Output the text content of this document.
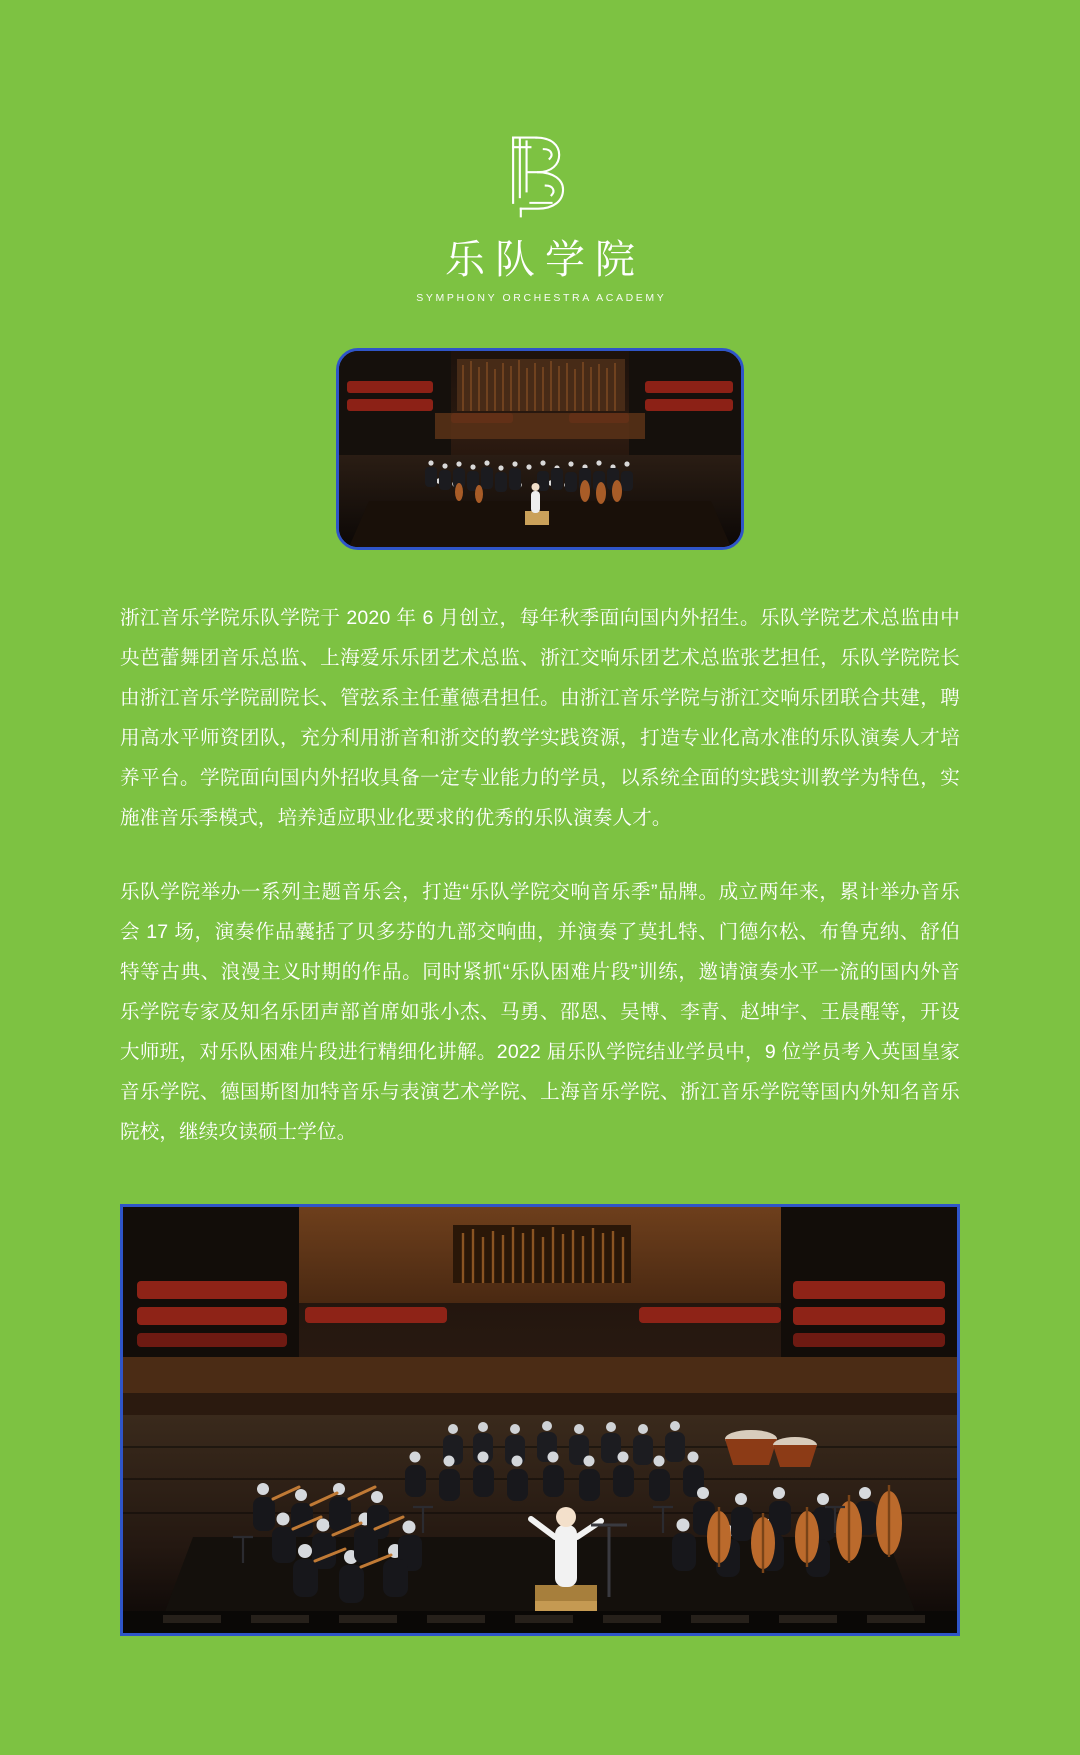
乐队学院
SYMPHONY ORCHESTRA ACADEMY

浙江音乐学院乐队学院于 2020 年 6 月创立，每年秋季面向国内外招生。乐队学院艺术总监由中央芭蕾舞团音乐总监、上海爱乐乐团艺术总监、浙江交响乐团艺术总监张艺担任，乐队学院院长由浙江音乐学院副院长、管弦系主任董德君担任。由浙江音乐学院与浙江交响乐团联合共建，聘用高水平师资团队，充分利用浙音和浙交的教学实践资源，打造专业化高水准的乐队演奏人才培养平台。学院面向国内外招收具备一定专业能力的学员，以系统全面的实践实训教学为特色，实施准音乐季模式，培养适应职业化要求的优秀的乐队演奏人才。

乐队学院举办一系列主题音乐会，打造“乐队学院交响音乐季”品牌。成立两年来，累计举办音乐会 17 场，演奏作品囊括了贝多芬的九部交响曲，并演奏了莫扎特、门德尔松、布鲁克纳、舒伯特等古典、浪漫主义时期的作品。同时紧抓“乐队困难片段”训练，邀请演奏水平一流的国内外音乐学院专家及知名乐团声部首席如张小杰、马勇、邵恩、吴博、李青、赵坤宇、王晨醒等，开设大师班，对乐队困难片段进行精细化讲解。2022 届乐队学院结业学员中，9 位学员考入英国皇家音乐学院、德国斯图加特音乐与表演艺术学院、上海音乐学院、浙江音乐学院等国内外知名音乐院校，继续攻读硕士学位。
